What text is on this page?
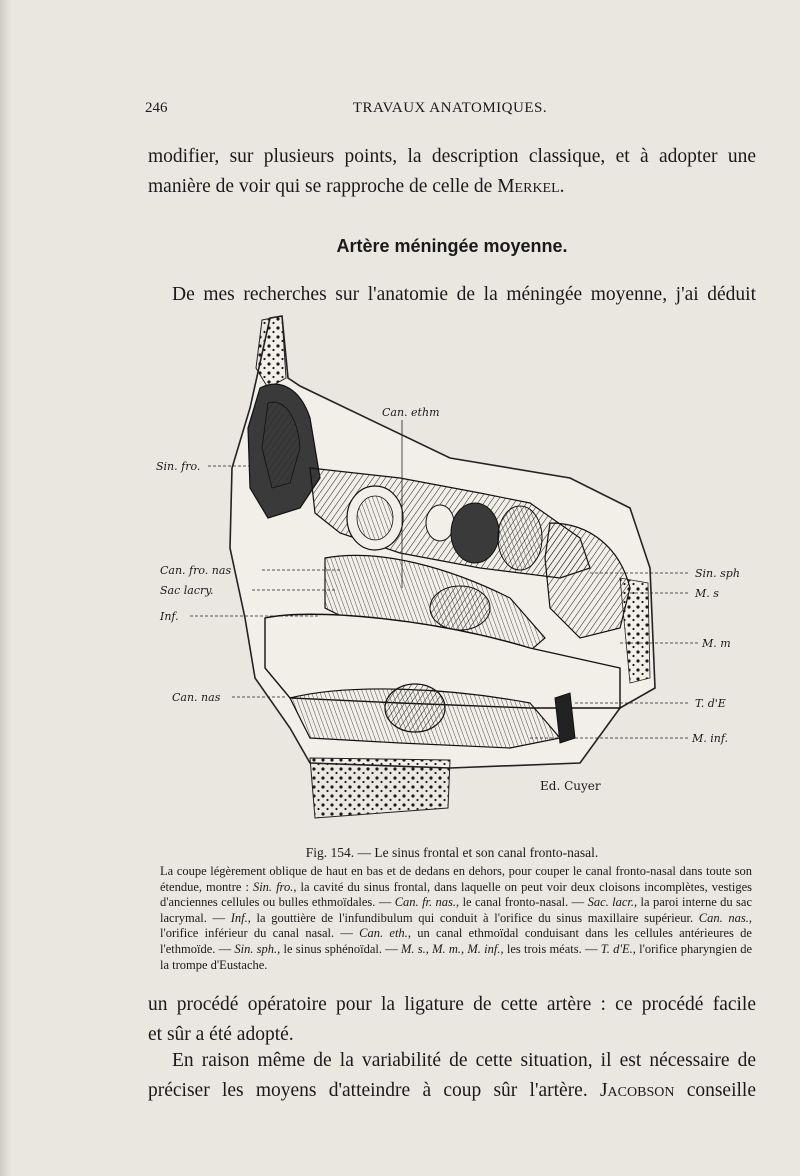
246	TRAVAUX ANATOMIQUES.
modifier, sur plusieurs points, la description classique, et à adopter une
manière de voir qui se rapproche de celle de Merkel.
Artère méningée moyenne.
De mes recherches sur l'anatomie de la méningée moyenne, j'ai déduit
Can. ethm
Sin. fro.
Can. fro. nas
Sac lacry.
Inf.
Can. nas
Sin. sph
M. s
M. m
T. d'E
M. inf.
Ed. Cuyer
Fig. 154. — Le sinus frontal et son canal fronto-nasal.
La coupe légèrement oblique de haut en bas et de dedans en dehors, pour couper le canal fronto-nasal dans toute son étendue, montre : Sin. fro., la cavité du sinus frontal, dans laquelle on peut voir deux cloisons incomplètes, vestiges d'anciennes cellules ou bulles ethmoïdales. — Can. fr. nas., le canal fronto-nasal. — Sac. lacr., la paroi interne du sac lacrymal. — Inf., la gouttière de l'infundibulum qui conduit à l'orifice du sinus maxillaire supérieur. Can. nas., l'orifice inférieur du canal nasal. — Can. eth., un canal ethmoïdal conduisant dans les cellules antérieures de l'ethmoïde. — Sin. sph., le sinus sphénoïdal. — M. s., M. m., M. inf., les trois méats. — T. d'E., l'orifice pharyngien de la trompe d'Eustache.
un procédé opératoire pour la ligature de cette artère : ce procédé facile
et sûr a été adopté.
En raison même de la variabilité de cette situation, il est nécessaire de
préciser les moyens d'atteindre à coup sûr l'artère. Jacobson conseille
